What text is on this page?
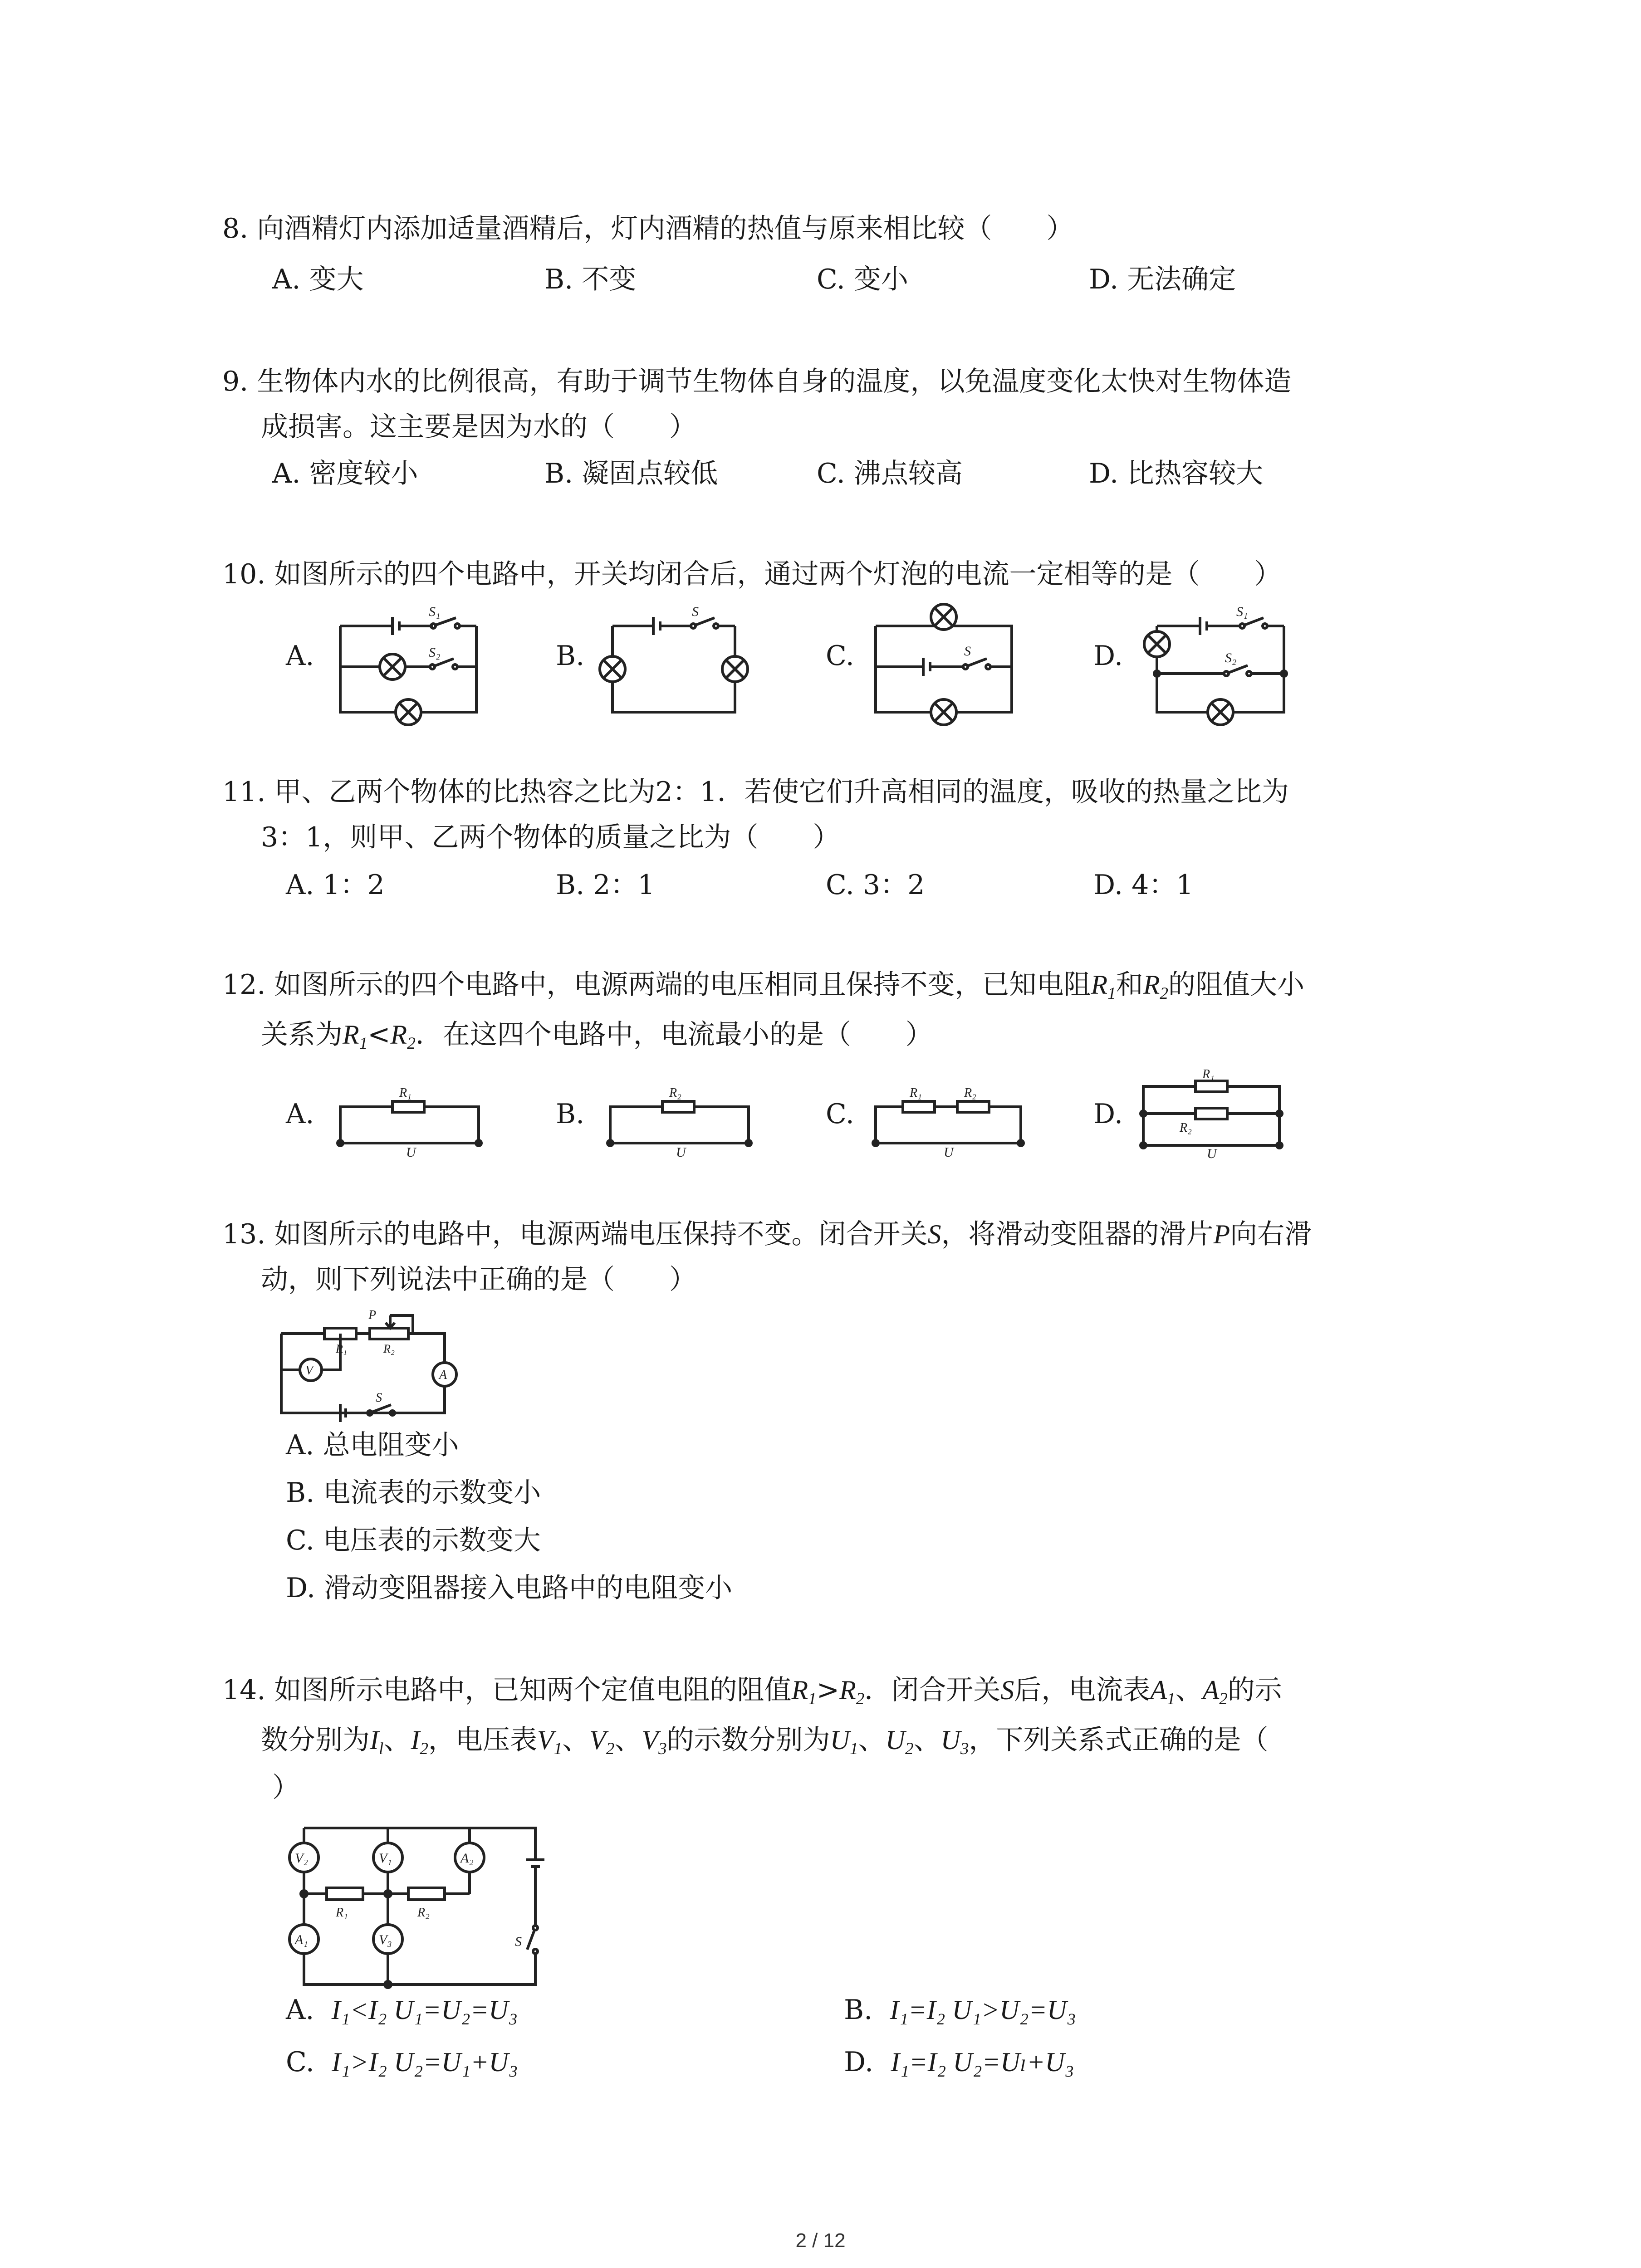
8. 向酒精灯内添加适量酒精后，灯内酒精的热值与原来相比较（　　）
A. 变大	B. 不变	C. 变小	D. 无法确定
9. 生物体内水的比例很高，有助于调节生物体自身的温度，以免温度变化太快对生物体造
成损害。这主要是因为水的（　　）
A. 密度较小	B. 凝固点较低	C. 沸点较高	D. 比热容较大
10. 如图所示的四个电路中，开关均闭合后，通过两个灯泡的电流一定相等的是（　　）
A.	B.	C.	D.
S₁
S₂
S
S
S₁
S₂
11. 甲、乙两个物体的比热容之比为2：1．若使它们升高相同的温度，吸收的热量之比为
3：1，则甲、乙两个物体的质量之比为（　　）
A. 1：2	B. 2：1	C. 3：2	D. 4：1
12. 如图所示的四个电路中，电源两端的电压相同且保持不变，已知电阻$R_1$和$R_2$的阻值大小
关系为$R_1<R_2$．在这四个电路中，电流最小的是（　　）
A.	B.	C.	D.
R₁
U
R₂
U
R₁	R₂
U
R₁
R₂
U
13. 如图所示的电路中，电源两端电压保持不变。闭合开关S，将滑动变阻器的滑片P向右滑
动，则下列说法中正确的是（　　）
R₁	R₂
P
S
V	A
A. 总电阻变小
B. 电流表的示数变小
C. 电压表的示数变大
D. 滑动变阻器接入电路中的电阻变小
14. 如图所示电路中，已知两个定值电阻的阻值$R_1>R_2$．闭合开关S后，电流表$A_1$、$A_2$的示
数分别为$I_l$、$I_2$，电压表$V_1$、$V_2$、$V_3$的示数分别为$U_1$、$U_2$、$U_3$，下列关系式正确的是（
）
V₂	V₁	A₂
A₁	V₃
R₁	R₂
S
A. I₁<I₂ U₁=U₂=U₃	B. I₁=I₂ U₁>U₂=U₃
C. I₁>I₂ U₂=U₁+U₃	D. I₁=I₂ U₂=Uₗ+U₃
2 / 12
